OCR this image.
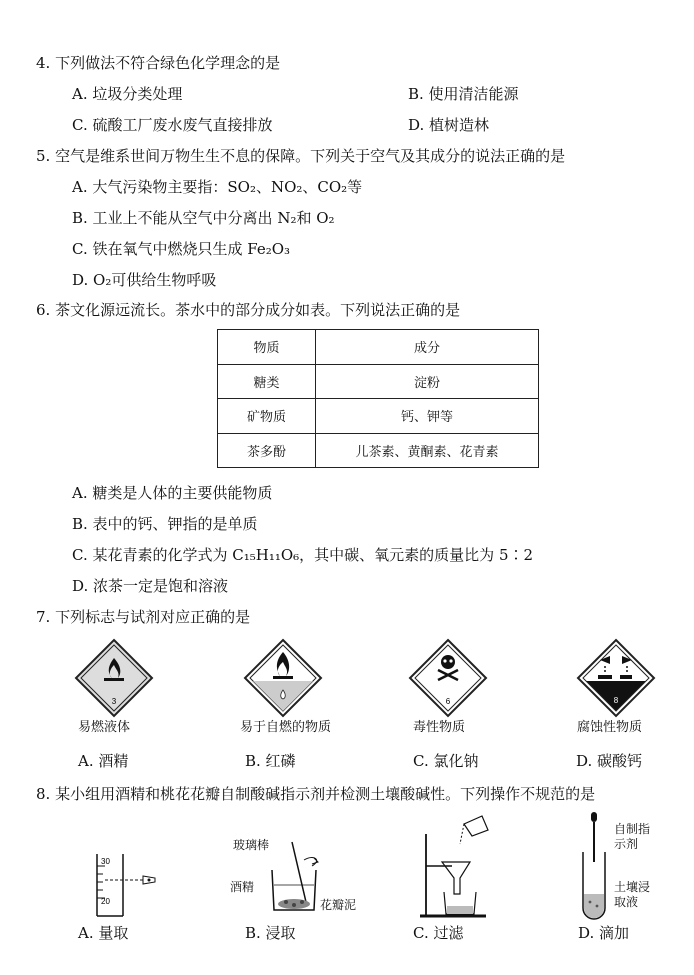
4. 下列做法不符合绿色化学理念的是
A. 垃圾分类处理	B. 使用清洁能源
C. 硫酸工厂废水废气直接排放	D. 植树造林
5. 空气是维系世间万物生生不息的保障。下列关于空气及其成分的说法正确的是
A. 大气污染物主要指：SO₂、NO₂、CO₂等
B. 工业上不能从空气中分离出 N₂和 O₂
C. 铁在氧气中燃烧只生成 Fe₂O₃
D. O₂可供给生物呼吸
6. 茶文化源远流长。茶水中的部分成分如表。下列说法正确的是
物质	成分
糖类	淀粉
矿物质	钙、钾等
茶多酚	儿茶素、黄酮素、花青素
A. 糖类是人体的主要供能物质
B. 表中的钙、钾指的是单质
C. 某花青素的化学式为 C₁₅H₁₁O₆，其中碳、氧元素的质量比为 5∶2
D. 浓茶一定是饱和溶液
7. 下列标志与试剂对应正确的是
3	6	8
易燃液体	易于自燃的物质	毒性物质	腐蚀性物质
A. 酒精	B. 红磷	C. 氯化钠	D. 碳酸钙
8. 某小组用酒精和桃花花瓣自制酸碱指示剂并检测土壤酸碱性。下列操作不规范的是
30
20
玻璃棒
酒精
花瓣泥
自制指示剂
土壤浸取液
A. 量取	B. 浸取	C. 过滤	D. 滴加
